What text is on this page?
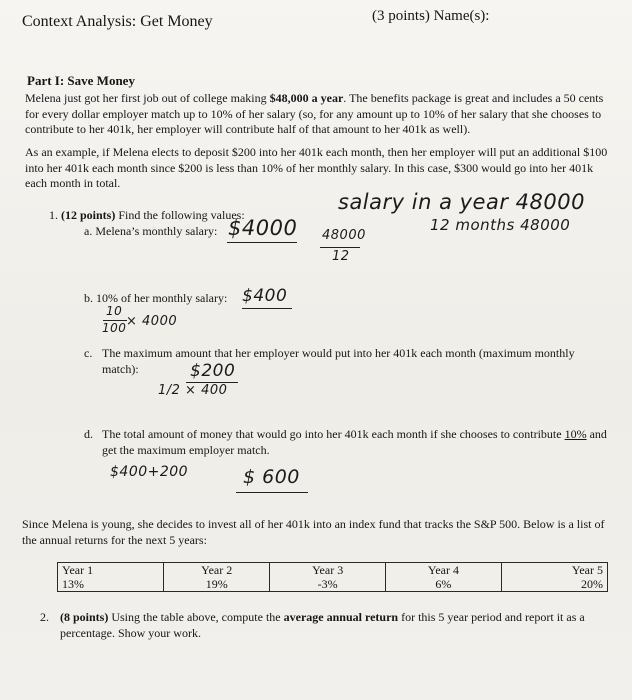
Context Analysis: Get Money	(3 points) Name(s):
Part I: Save Money

Melena just got her first job out of college making $48,000 a year. The benefits package is great and includes a 50 cents for every dollar employer match up to 10% of her salary (so, for any amount up to 10% of her salary that she chooses to contribute to her 401k, her employer will contribute half of that amount to her 401k as well).

As an example, if Melena elects to deposit $200 into her 401k each month, then her employer will put an additional $100 into her 401k each month since $200 is less than 10% of her monthly salary. In this case, $300 would go into her 401k each month in total.

1. (12 points) Find the following values:
salary in a year 48000
12 months 48000
a. Melena’s monthly salary: $4000 48000
12
b. 10% of her monthly salary: $400
10
100 × 4000
c. The maximum amount that her employer would put into her 401k each month (maximum monthly match):	$200
1/2 × 400
d. The total amount of money that would go into her 401k each month if she chooses to contribute 10% and get the maximum employer match.

$400+200	$ 600

Since Melena is young, she decides to invest all of her 401k into an index fund that tracks the S&P 500. Below is a list of the annual returns for the next 5 years:

Year 1	Year 2	Year 3	Year 4	Year 5
13%	19%	-3%	6%	20%
2. (8 points) Using the table above, compute the average annual return for this 5 year period and report it as a percentage. Show your work.
